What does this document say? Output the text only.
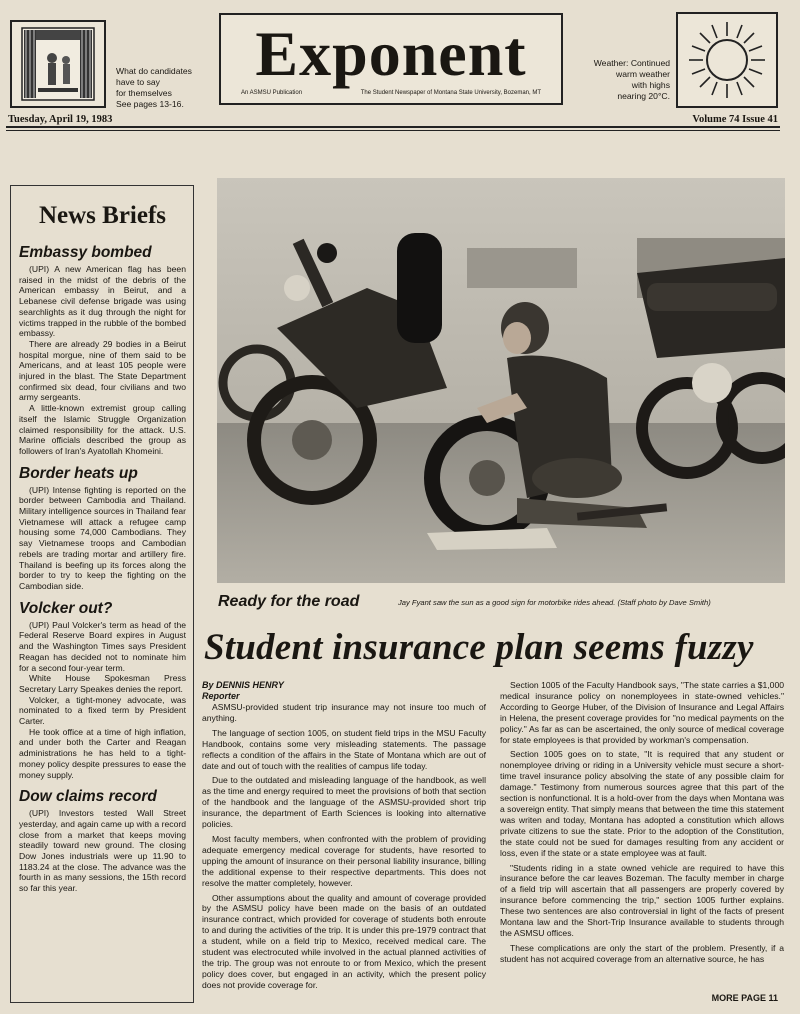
What do candidates
have to say
for themselves
See pages 13-16.
Exponent
An ASMSU Publication	The Student Newspaper of Montana State University, Bozeman, MT
Weather: Continued
warm weather
with highs
nearing 20°C.
Tuesday, April 19, 1983	Volume 74 Issue 41
News Briefs
Embassy bombed

(UPI) A new American flag has been raised in the midst of the debris of the American embassy in Beirut, and a Lebanese civil defense brigade was using searchlights as it dug through the night for victims trapped in the rubble of the bombed embassy.

There are already 29 bodies in a Beirut hospital morgue, nine of them said to be Americans, and at least 105 people were injured in the blast. The State Department confirmed six dead, four civilians and two army sergeants.

A little-known extremist group calling itself the Islamic Struggle Organization claimed responsibility for the attack. U.S. Marine officials described the group as followers of Iran's Ayatollah Khomeini.

Border heats up

(UPI) Intense fighting is reported on the border between Cambodia and Thailand. Military intelligence sources in Thailand fear Vietnamese will attack a refugee camp housing some 74,000 Cambodians. They say Vietnamese troops and Cambodian rebels are trading mortar and artillery fire. Thailand is beefing up its forces along the border to try to keep the fighting on the Cambodian side.

Volcker out?

(UPI) Paul Volcker's term as head of the Federal Reserve Board expires in August and the Washington Times says President Reagan has decided not to nominate him for a second four-year term.

White House Spokesman Press Secretary Larry Speakes denies the report.

Volcker, a tight-money advocate, was nominated to a fixed term by President Carter.

He took office at a time of high inflation, and under both the Carter and Reagan administrations he has held to a tight-money policy despite pressures to ease the money supply.

Dow claims record

(UPI) Investors tested Wall Street yesterday, and again came up with a record close from a market that keeps moving steadily toward new ground. The closing Dow Jones industrials were up 11.90 to 1183.24 at the close. The advance was the fourth in as many sessions, the 15th record so far this year.

Ready for the road	Jay Fyant saw the sun as a good sign for motorbike rides ahead. (Staff photo by Dave Smith)
Student insurance plan seems fuzzy
By DENNIS HENRY
Reporter

ASMSU-provided student trip insurance may not insure too much of anything.

The language of section 1005, on student field trips in the MSU Faculty Handbook, contains some very misleading statements. The passage reflects a condition of the affairs in the State of Montana which are out of date and out of touch with the realities of campus life today.

Due to the outdated and misleading language of the handbook, as well as the time and energy required to meet the provisions of both that section of the handbook and the language of the ASMSU-provided short trip insurance, the department of Earth Sciences is looking into alternative policies.

Most faculty members, when confronted with the problem of providing adequate emergency medical coverage for students, have resorted to upping the amount of insurance on their personal liability insurance, billing the additional expense to their respective departments. This does not resolve the matter completely, however.

Other assumptions about the quality and amount of coverage provided by the ASMSU policy have been made on the basis of an outdated insurance contract, which provided for coverage of students both enroute to and during the activities of the trip. It is under this pre-1979 contract that a student, while on a field trip to Mexico, received medical care. The student was electrocuted while involved in the actual planned activities of the trip. The group was not enroute to or from Mexico, which the present policy does cover, but engaged in an activity, which the present policy does not provide coverage for.

Section 1005 of the Faculty Handbook says, "The state carries a $1,000 medical insurance policy on nonemployees in state-owned vehicles." According to George Huber, of the Division of Insurance and Legal Affairs in Helena, the present coverage provides for "no medical payments on the policy." As far as can be ascertained, the only source of medical coverage for state employees is that provided by workman's compensation.

Section 1005 goes on to state, "It is required that any student or nonemployee driving or riding in a University vehicle must secure a short-time travel insurance policy absolving the state of any possible claim for damage." Testimony from numerous sources agree that this part of the section is nonfunctional. It is a hold-over from the days when Montana was a sovereign entity. That simply means that between the time this statement was writen and today, Montana has adopted a constitution which allows private citizens to sue the state. Prior to the adoption of the Constitution, the state could not be sued for damages resulting from any accident or loss, even if the state or a state employee was at fault.

"Students riding in a state owned vehicle are required to have this insurance before the car leaves Bozeman. The faculty member in charge of a field trip will ascertain that all passengers are properly covered by insurance before commencing the trip," section 1005 further explains. These two sentences are also controversial in light of the facts of present Montana law and the Short-Trip Insurance available to students through the ASMSU offices.

These complications are only the start of the problem. Presently, if a student has not acquired coverage from an alternative source, he has

MORE PAGE 11
